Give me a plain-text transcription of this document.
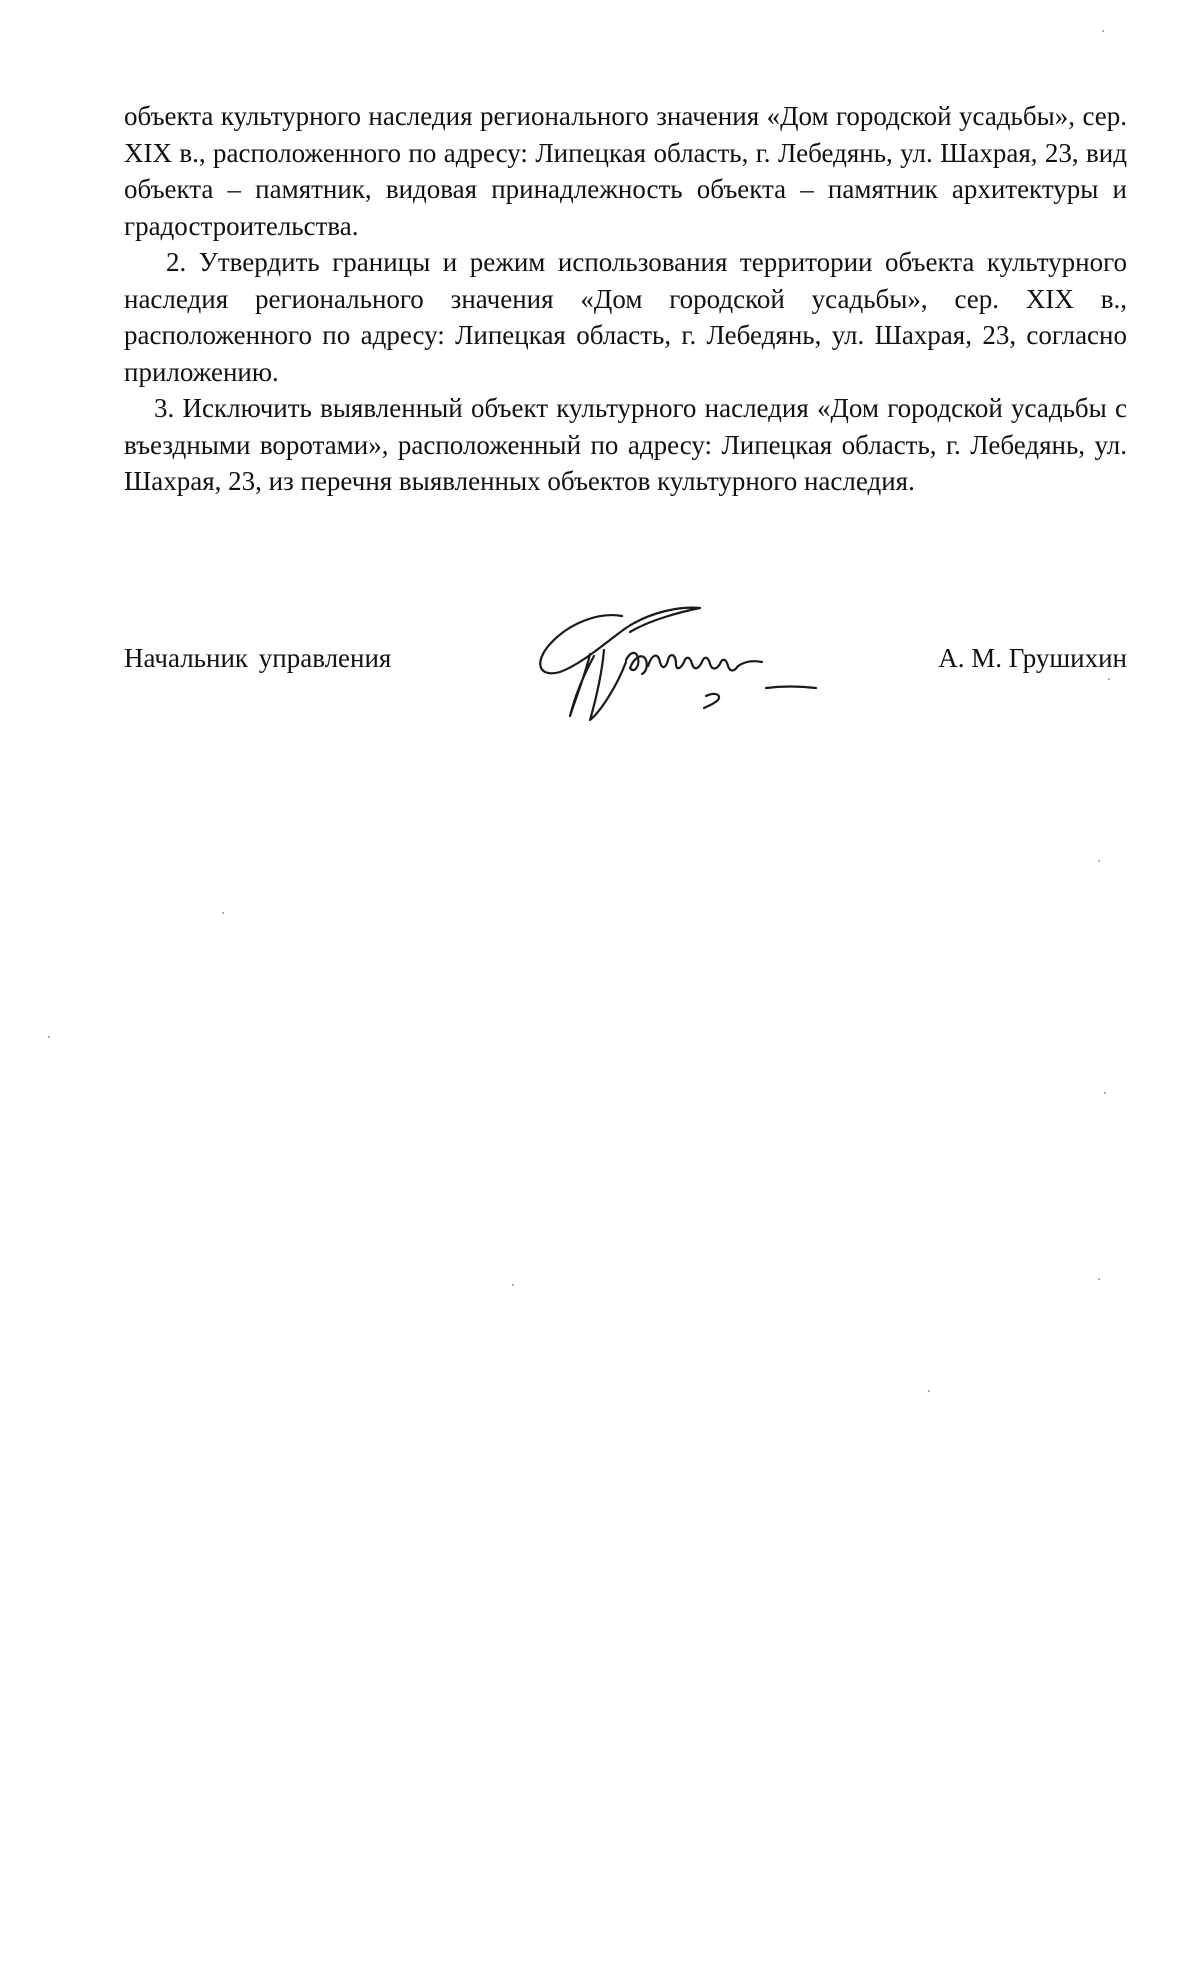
объекта культурного наследия регионального значения «Дом городской усадьбы», сер. XIX в., расположенного по адресу: Липецкая область, г. Лебедянь, ул. Шахрая, 23, вид объекта – памятник, видовая принадлежность объекта – памятник архитектуры и градостроительства.

2. Утвердить границы и режим использования территории объекта культурного наследия регионального значения «Дом городской усадьбы», сер. XIX в., расположенного по адресу: Липецкая область, г. Лебедянь, ул. Шахрая, 23, согласно приложению.

3. Исключить выявленный объект культурного наследия «Дом городской усадьбы с въездными воротами», расположенный по адресу: Липецкая область, г. Лебедянь, ул. Шахрая, 23, из перечня выявленных объектов культурного наследия.

Начальник управления	А. М. Грушихин
